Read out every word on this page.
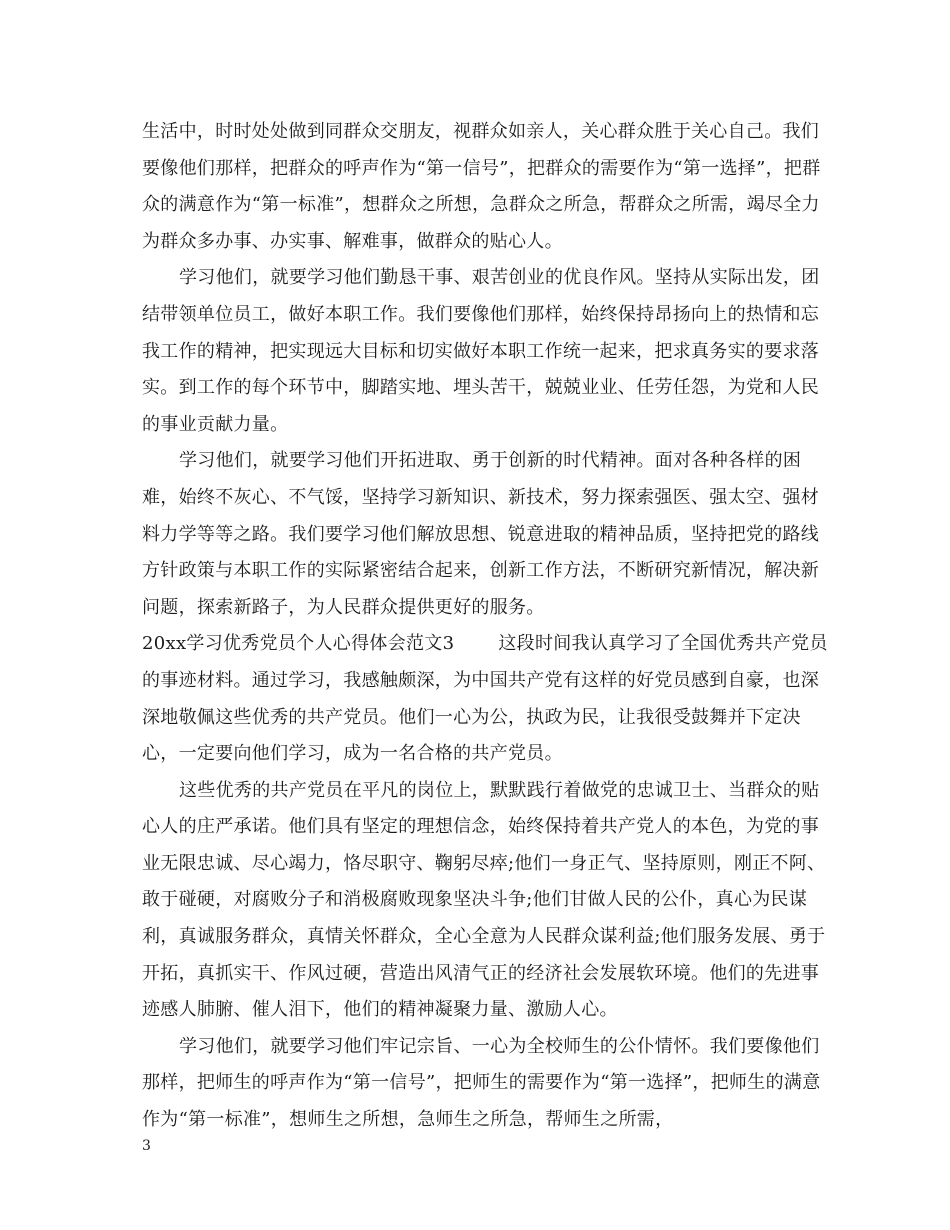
生活中，时时处处做到同群众交朋友，视群众如亲人，关心群众胜于关心自己。我们要像他们那样，把群众的呼声作为“第一信号”，把群众的需要作为“第一选择”，把群众的满意作为“第一标准”，想群众之所想，急群众之所急，帮群众之所需，竭尽全力为群众多办事、办实事、解难事，做群众的贴心人。

学习他们，就要学习他们勤恳干事、艰苦创业的优良作风。坚持从实际出发，团结带领单位员工，做好本职工作。我们要像他们那样，始终保持昂扬向上的热情和忘我工作的精神，把实现远大目标和切实做好本职工作统一起来，把求真务实的要求落实。到工作的每个环节中，脚踏实地、埋头苦干，兢兢业业、任劳任怨，为党和人民的事业贡献力量。

学习他们，就要学习他们开拓进取、勇于创新的时代精神。面对各种各样的困难，始终不灰心、不气馁，坚持学习新知识、新技术，努力探索强医、强太空、强材料力学等等之路。我们要学习他们解放思想、锐意进取的精神品质，坚持把党的路线方针政策与本职工作的实际紧密结合起来，创新工作方法，不断研究新情况，解决新问题，探索新路子，为人民群众提供更好的服务。

20xx学习优秀党员个人心得体会范文3 这段时间我认真学习了全国优秀共产党员的事迹材料。通过学习，我感触颇深，为中国共产党有这样的好党员感到自豪，也深深地敬佩这些优秀的共产党员。他们一心为公，执政为民，让我很受鼓舞并下定决心，一定要向他们学习，成为一名合格的共产党员。

这些优秀的共产党员在平凡的岗位上，默默践行着做党的忠诚卫士、当群众的贴心人的庄严承诺。他们具有坚定的理想信念，始终保持着共产党人的本色，为党的事业无限忠诚、尽心竭力，恪尽职守、鞠躬尽瘁;他们一身正气、坚持原则，刚正不阿、敢于碰硬，对腐败分子和消极腐败现象坚决斗争;他们甘做人民的公仆，真心为民谋利，真诚服务群众，真情关怀群众，全心全意为人民群众谋利益;他们服务发展、勇于开拓，真抓实干、作风过硬，营造出风清气正的经济社会发展软环境。他们的先进事迹感人肺腑、催人泪下，他们的精神凝聚力量、激励人心。

学习他们，就要学习他们牢记宗旨、一心为全校师生的公仆情怀。我们要像他们那样，把师生的呼声作为“第一信号”，把师生的需要作为“第一选择”，把师生的满意作为“第一标准”，想师生之所想，急师生之所急，帮师生之所需，

3
